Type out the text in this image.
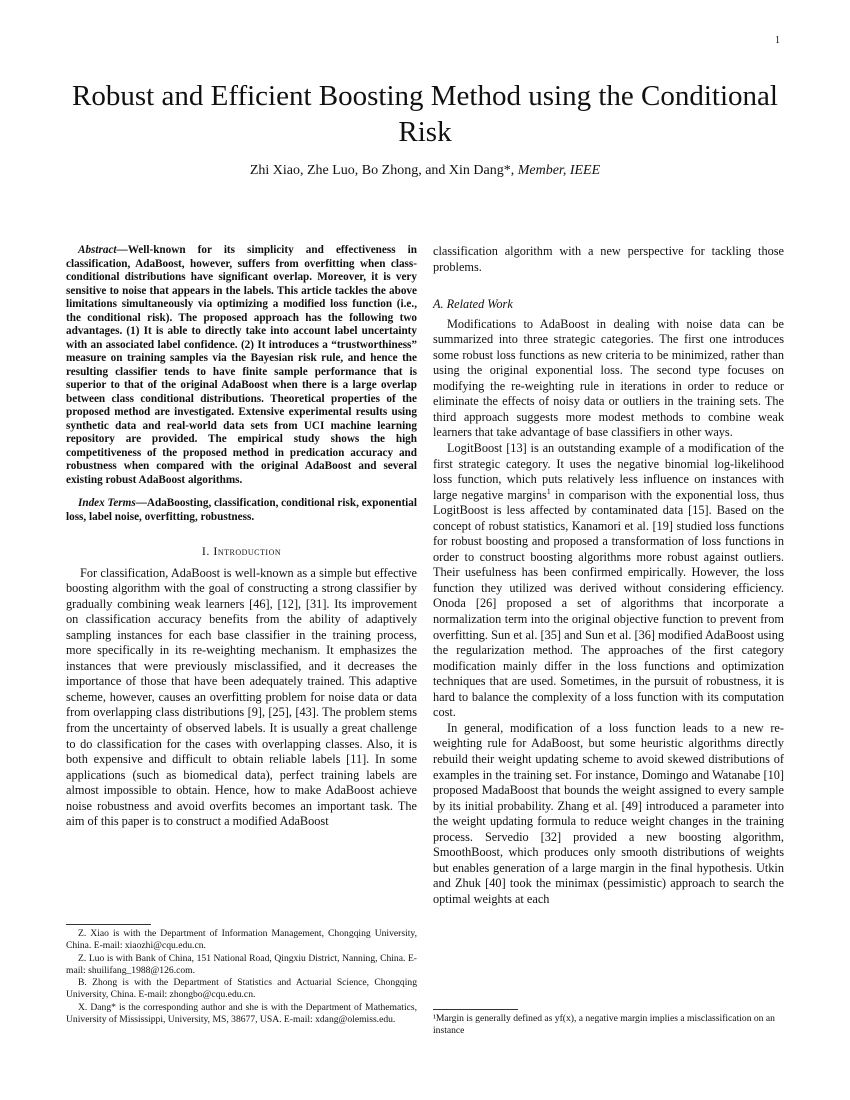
1
Robust and Efficient Boosting Method using the Conditional Risk
Zhi Xiao, Zhe Luo, Bo Zhong, and Xin Dang*, Member, IEEE

Abstract—Well-known for its simplicity and effectiveness in classification, AdaBoost, however, suffers from overfitting when class-conditional distributions have significant overlap. Moreover, it is very sensitive to noise that appears in the labels. This article tackles the above limitations simultaneously via optimizing a modified loss function (i.e., the conditional risk). The proposed approach has the following two advantages. (1) It is able to directly take into account label uncertainty with an associated label confidence. (2) It introduces a “trustworthiness” measure on training samples via the Bayesian risk rule, and hence the resulting classifier tends to have finite sample performance that is superior to that of the original AdaBoost when there is a large overlap between class conditional distributions. Theoretical properties of the proposed method are investigated. Extensive experimental results using synthetic data and real-world data sets from UCI machine learning repository are provided. The empirical study shows the high competitiveness of the proposed method in predication accuracy and robustness when compared with the original AdaBoost and several existing robust AdaBoost algorithms.

Index Terms—AdaBoosting, classification, conditional risk, exponential loss, label noise, overfitting, robustness.

I. Introduction

For classification, AdaBoost is well-known as a simple but effective boosting algorithm with the goal of constructing a strong classifier by gradually combining weak learners [46], [12], [31]. Its improvement on classification accuracy benefits from the ability of adaptively sampling instances for each base classifier in the training process, more specifically in its re-weighting mechanism. It emphasizes the instances that were previously misclassified, and it decreases the importance of those that have been adequately trained. This adaptive scheme, however, causes an overfitting problem for noise data or data from overlapping class distributions [9], [25], [43]. The problem stems from the uncertainty of observed labels. It is usually a great challenge to do classification for the cases with overlapping classes. Also, it is both expensive and difficult to obtain reliable labels [11]. In some applications (such as biomedical data), perfect training labels are almost impossible to obtain. Hence, how to make AdaBoost achieve noise robustness and avoid overfits becomes an important task. The aim of this paper is to construct a modified AdaBoost

Z. Xiao is with the Department of Information Management, Chongqing University, China. E-mail: xiaozhi@cqu.edu.cn.

Z. Luo is with Bank of China, 151 National Road, Qingxiu District, Nanning, China. E-mail: shuilifang_1988@126.com.

B. Zhong is with the Department of Statistics and Actuarial Science, Chongqing University, China. E-mail: zhongbo@cqu.edu.cn.

X. Dang* is the corresponding author and she is with the Department of Mathematics, University of Mississippi, University, MS, 38677, USA. E-mail: xdang@olemiss.edu.

classification algorithm with a new perspective for tackling those problems.

A. Related Work

Modifications to AdaBoost in dealing with noise data can be summarized into three strategic categories. The first one introduces some robust loss functions as new criteria to be minimized, rather than using the original exponential loss. The second type focuses on modifying the re-weighting rule in iterations in order to reduce or eliminate the effects of noisy data or outliers in the training sets. The third approach suggests more modest methods to combine weak learners that take advantage of base classifiers in other ways.

LogitBoost [13] is an outstanding example of a modification of the first strategic category. It uses the negative binomial log-likelihood loss function, which puts relatively less influence on instances with large negative margins$^1$ in comparison with the exponential loss, thus LogitBoost is less affected by contaminated data [15]. Based on the concept of robust statistics, Kanamori et al. [19] studied loss functions for robust boosting and proposed a transformation of loss functions in order to construct boosting algorithms more robust against outliers. Their usefulness has been confirmed empirically. However, the loss function they utilized was derived without considering efficiency. Onoda [26] proposed a set of algorithms that incorporate a normalization term into the original objective function to prevent from overfitting. Sun et al. [35] and Sun et al. [36] modified AdaBoost using the regularization method. The approaches of the first category modification mainly differ in the loss functions and optimization techniques that are used. Sometimes, in the pursuit of robustness, it is hard to balance the complexity of a loss function with its computation cost.

In general, modification of a loss function leads to a new re-weighting rule for AdaBoost, but some heuristic algorithms directly rebuild their weight updating scheme to avoid skewed distributions of examples in the training set. For instance, Domingo and Watanabe [10] proposed MadaBoost that bounds the weight assigned to every sample by its initial probability. Zhang et al. [49] introduced a parameter into the weight updating formula to reduce weight changes in the training process. Servedio [32] provided a new boosting algorithm, SmoothBoost, which produces only smooth distributions of weights but enables generation of a large margin in the final hypothesis. Utkin and Zhuk [40] took the minimax (pessimistic) approach to search the optimal weights at each

¹Margin is generally defined as yf(x), a negative margin implies a misclassification on an instance
